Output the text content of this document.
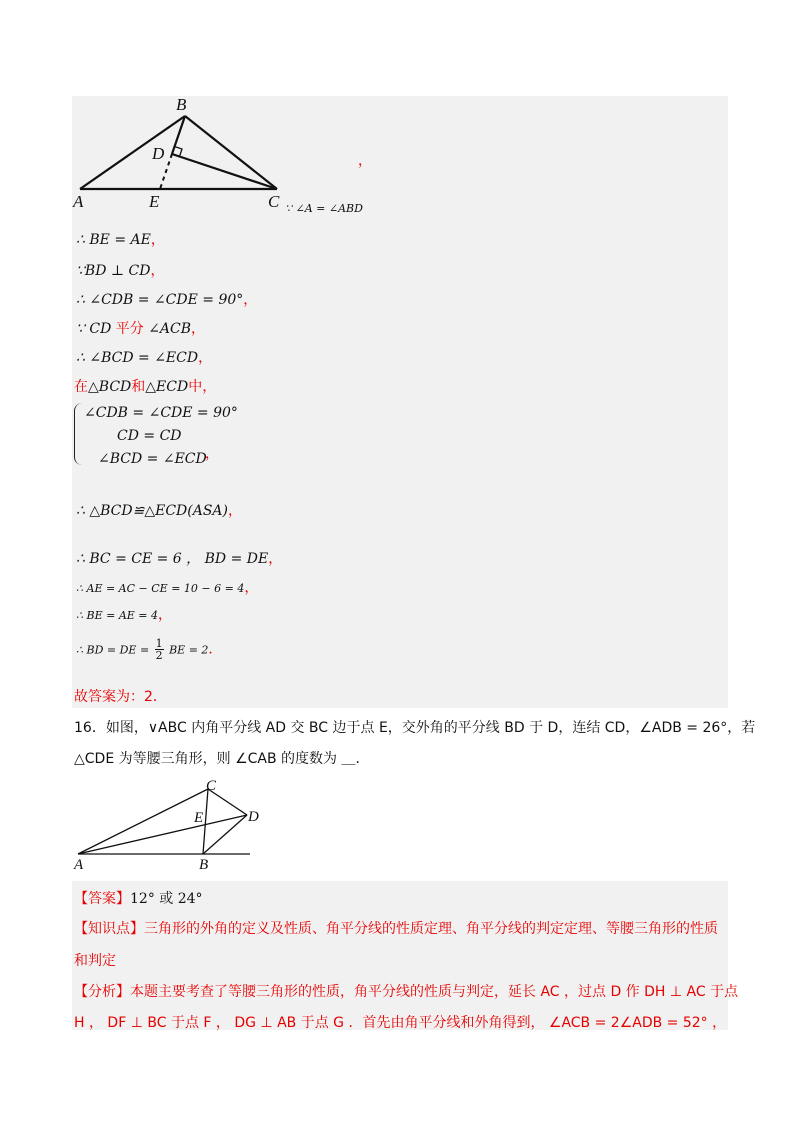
B
D
A	E	C
，
∵ ∠A = ∠ABD
∴ BE = AE，
∵BD ⊥ CD，
∴ ∠CDB = ∠CDE = 90°，
∵ CD 平分 ∠ACB，
∴ ∠BCD = ∠ECD，
在△BCD和△ECD中，
∠CDB = ∠CDE = 90°
CD = CD
∠BCD = ∠ECD
，
∴ △BCD≌△ECD(ASA)，
∴ BC = CE = 6 ， BD = DE，
∴ AE = AC − CE = 10 − 6 = 4，
∴ BE = AE = 4，
∴ BD = DE = $\frac{1}{2}$ BE = 2．
故答案为：2．
16．如图，∨ABC 内角平分线 AD 交 BC 边于点 E，交外角的平分线 BD 于 D，连结 CD，∠ADB = 26°，若
△CDE 为等腰三角形，则 ∠CAB 的度数为 ＿．
C
E	D
A	B
【答案】12° 或 24°
【知识点】三角形的外角的定义及性质、角平分线的性质定理、角平分线的判定定理、等腰三角形的性质
和判定
【分析】本题主要考查了等腰三角形的性质，角平分线的性质与判定，延长 AC ，过点 D 作 DH ⊥ AC 于点
H ， DF ⊥ BC 于点 F ， DG ⊥ AB 于点 G ．首先由角平分线和外角得到， ∠ACB = 2∠ADB = 52° ，
